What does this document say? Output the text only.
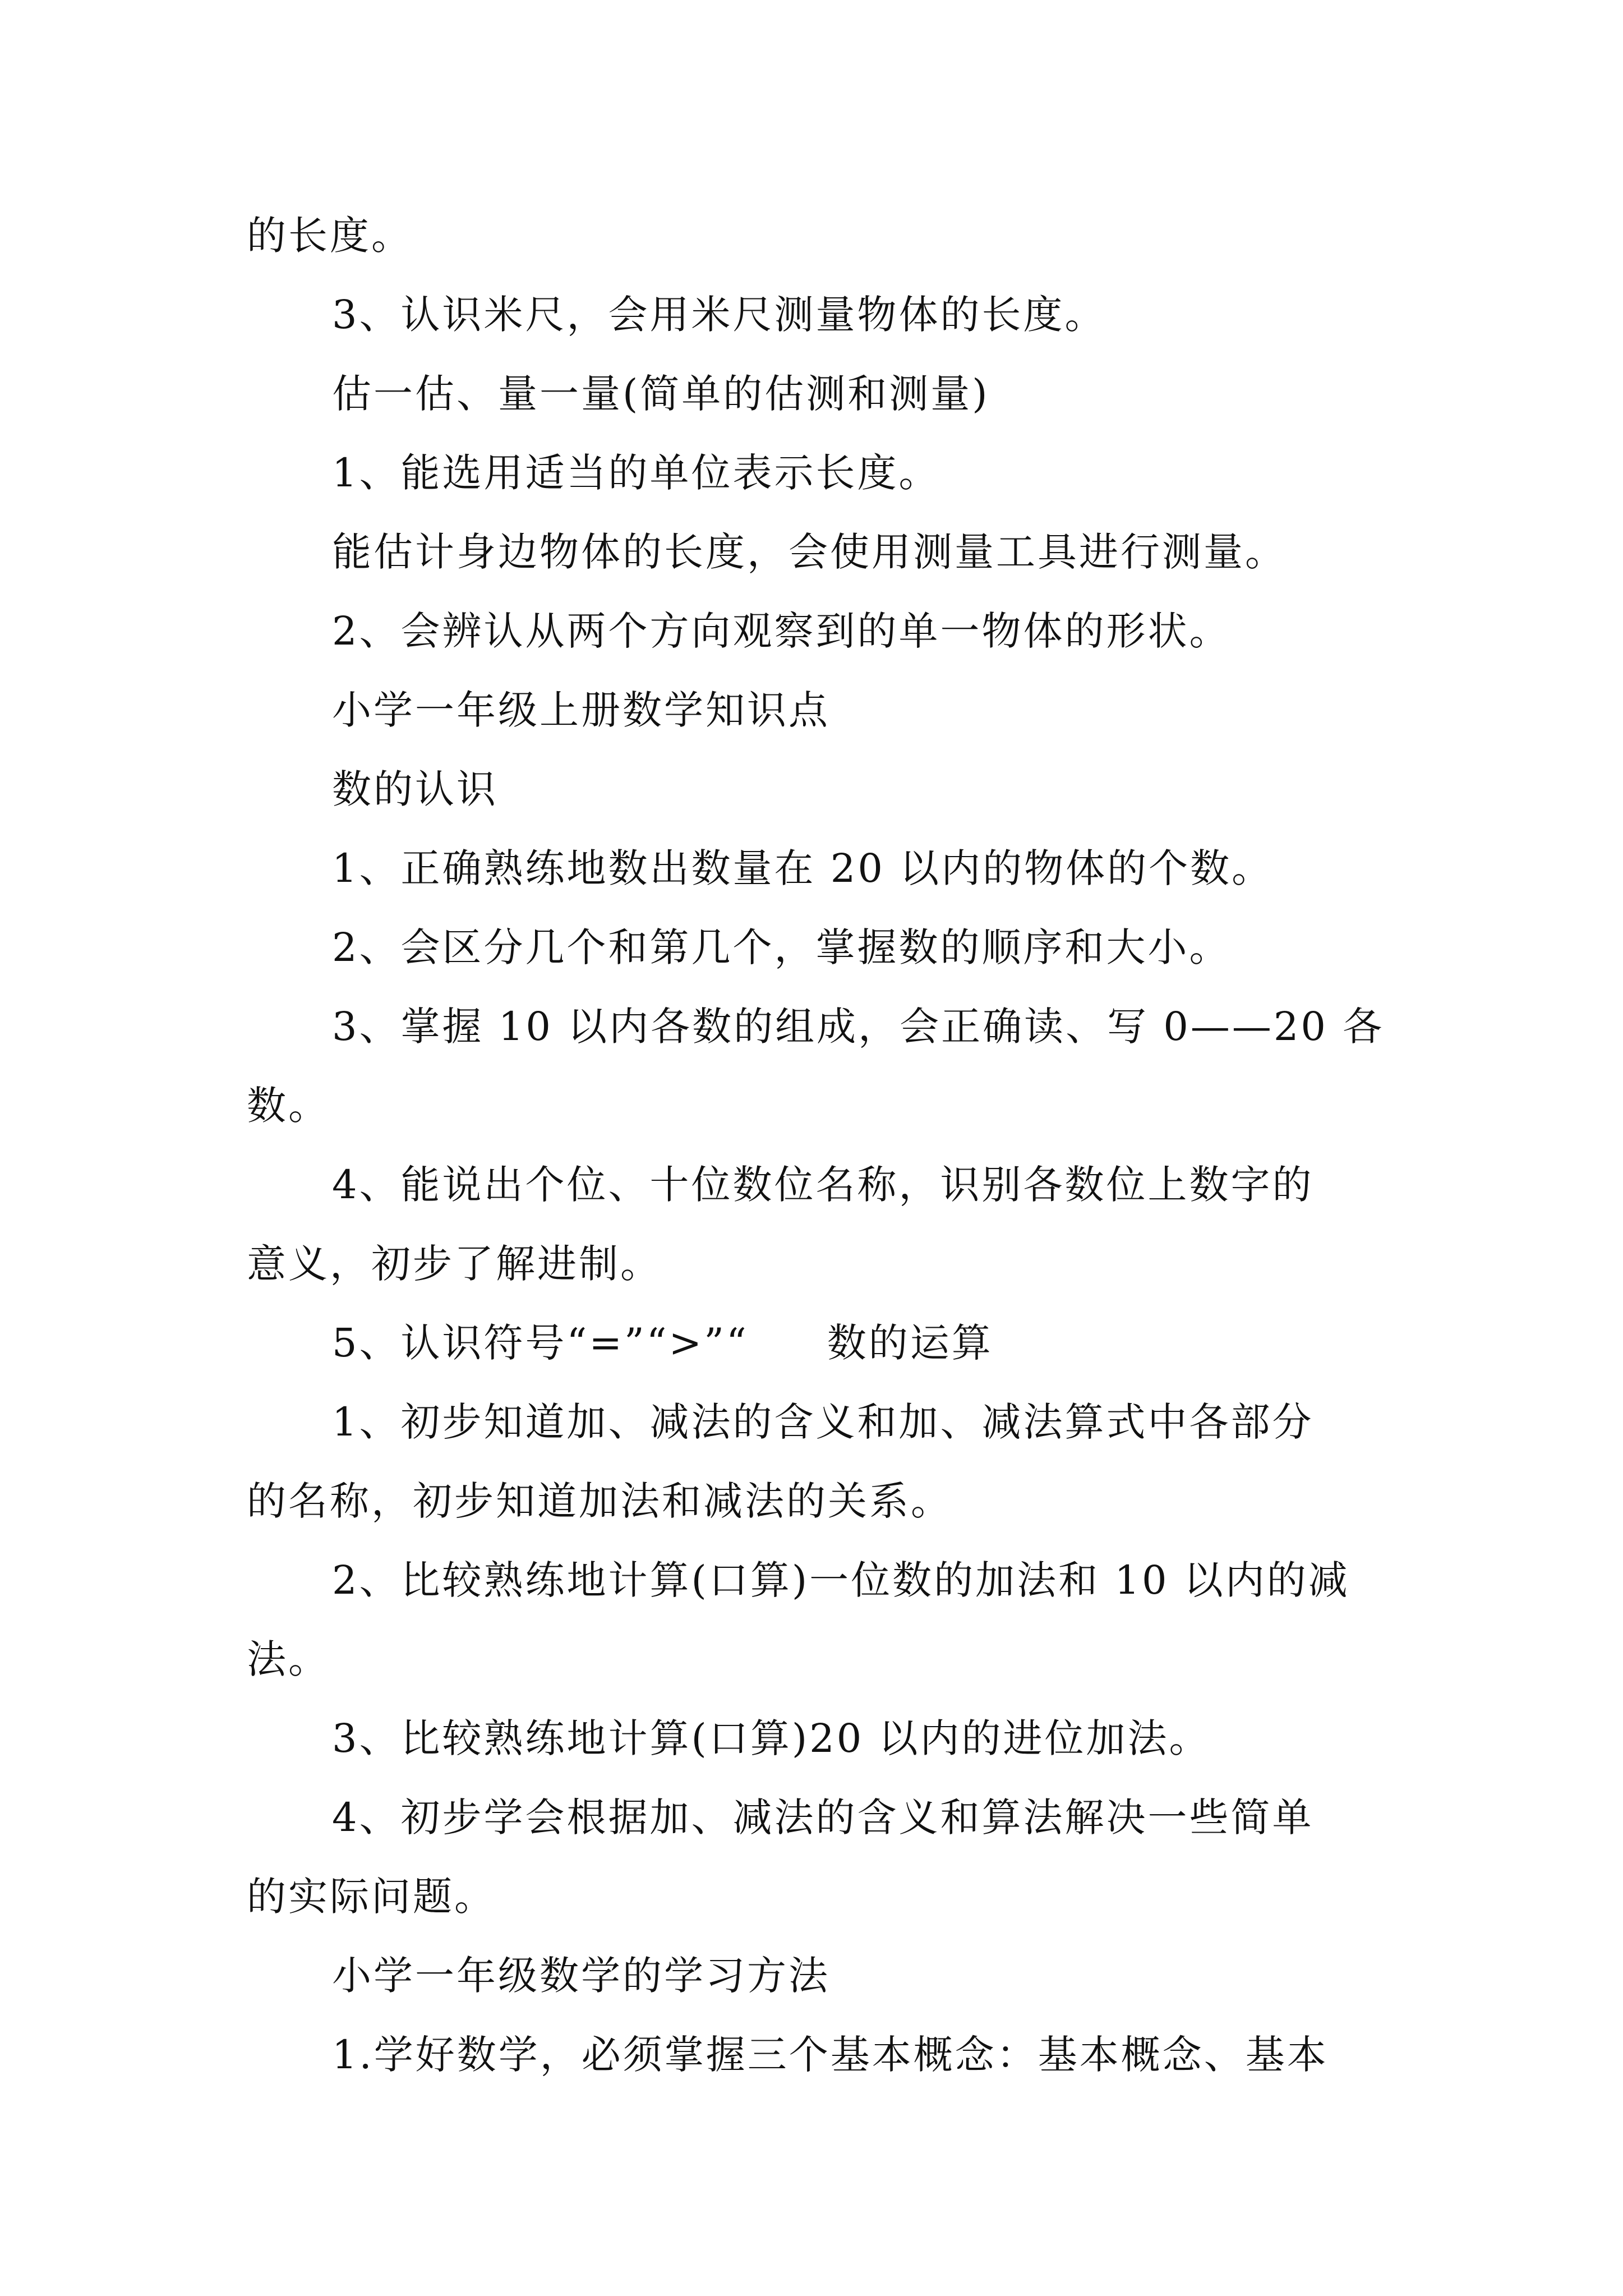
的长度。

3、认识米尺，会用米尺测量物体的长度。

估一估、量一量(简单的估测和测量)

1、能选用适当的单位表示长度。

能估计身边物体的长度，会使用测量工具进行测量。

2、会辨认从两个方向观察到的单一物体的形状。

小学一年级上册数学知识点

数的认识

1、正确熟练地数出数量在 20 以内的物体的个数。

2、会区分几个和第几个，掌握数的顺序和大小。

3、掌握 10 以内各数的组成，会正确读、写 0——20 各

数。

4、能说出个位、十位数位名称，识别各数位上数字的

意义，初步了解进制。

5、认识符号“=”“>”“ 数的运算

1、初步知道加、减法的含义和加、减法算式中各部分

的名称，初步知道加法和减法的关系。

2、比较熟练地计算(口算)一位数的加法和 10 以内的减

法。

3、比较熟练地计算(口算)20 以内的进位加法。

4、初步学会根据加、减法的含义和算法解决一些简单

的实际问题。

小学一年级数学的学习方法

1.学好数学，必须掌握三个基本概念：基本概念、基本
